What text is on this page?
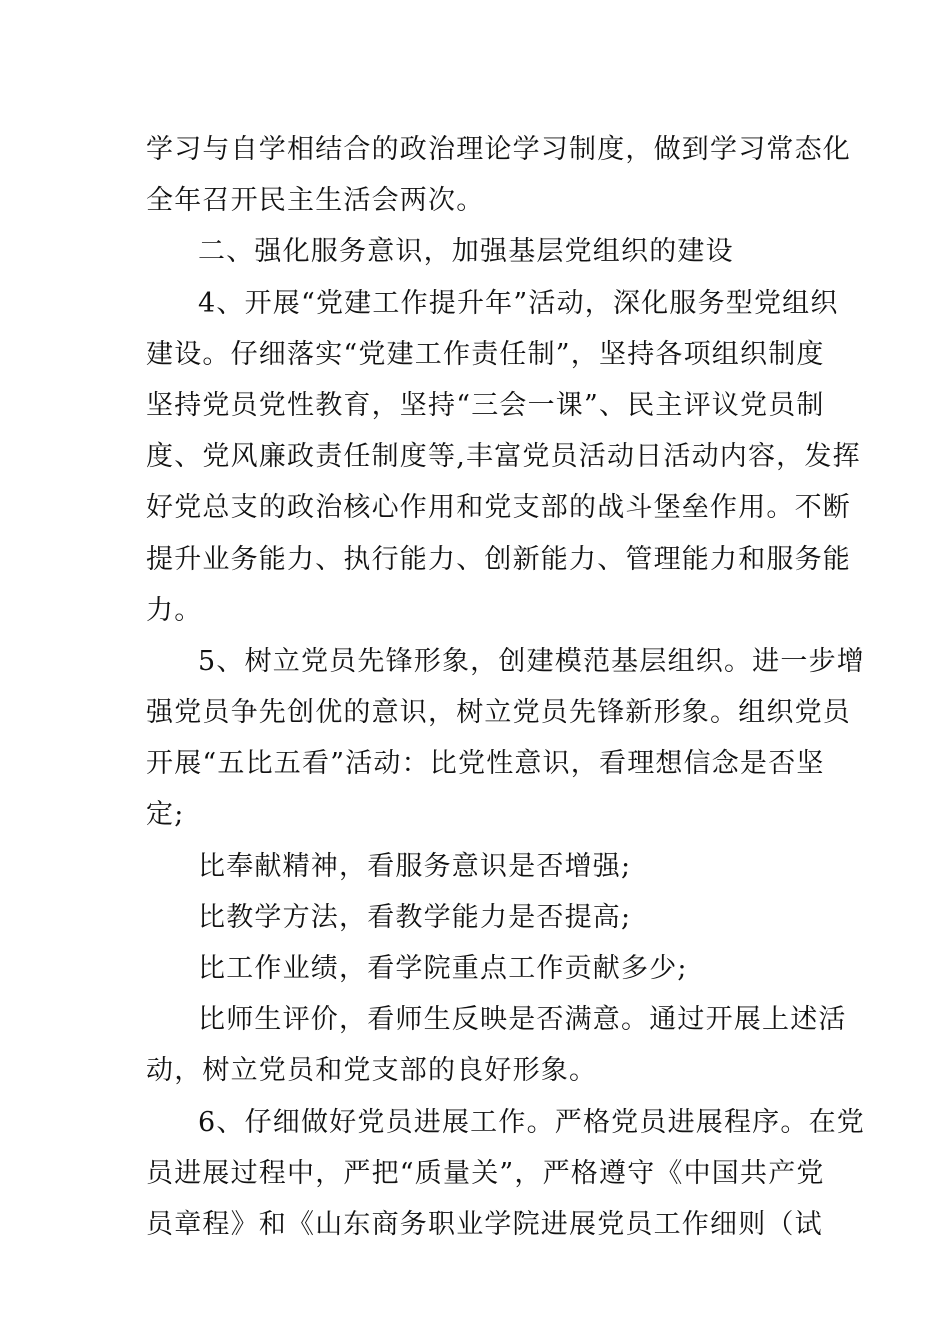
学习与自学相结合的政治理论学习制度，做到学习常态化
全年召开民主生活会两次。
二、强化服务意识，加强基层党组织的建设
4、开展“党建工作提升年”活动，深化服务型党组织
建设。仔细落实“党建工作责任制”，坚持各项组织制度
坚持党员党性教育，坚持“三会一课”、民主评议党员制
度、党风廉政责任制度等,丰富党员活动日活动内容，发挥
好党总支的政治核心作用和党支部的战斗堡垒作用。不断
提升业务能力、执行能力、创新能力、管理能力和服务能
力。
5、树立党员先锋形象，创建模范基层组织。进一步增
强党员争先创优的意识，树立党员先锋新形象。组织党员
开展“五比五看”活动：比党性意识，看理想信念是否坚
定;
比奉献精神，看服务意识是否增强;
比教学方法，看教学能力是否提高;
比工作业绩，看学院重点工作贡献多少;
比师生评价，看师生反映是否满意。通过开展上述活
动，树立党员和党支部的良好形象。
6、仔细做好党员进展工作。严格党员进展程序。在党
员进展过程中，严把“质量关”，严格遵守《中国共产党
员章程》和《山东商务职业学院进展党员工作细则（试
